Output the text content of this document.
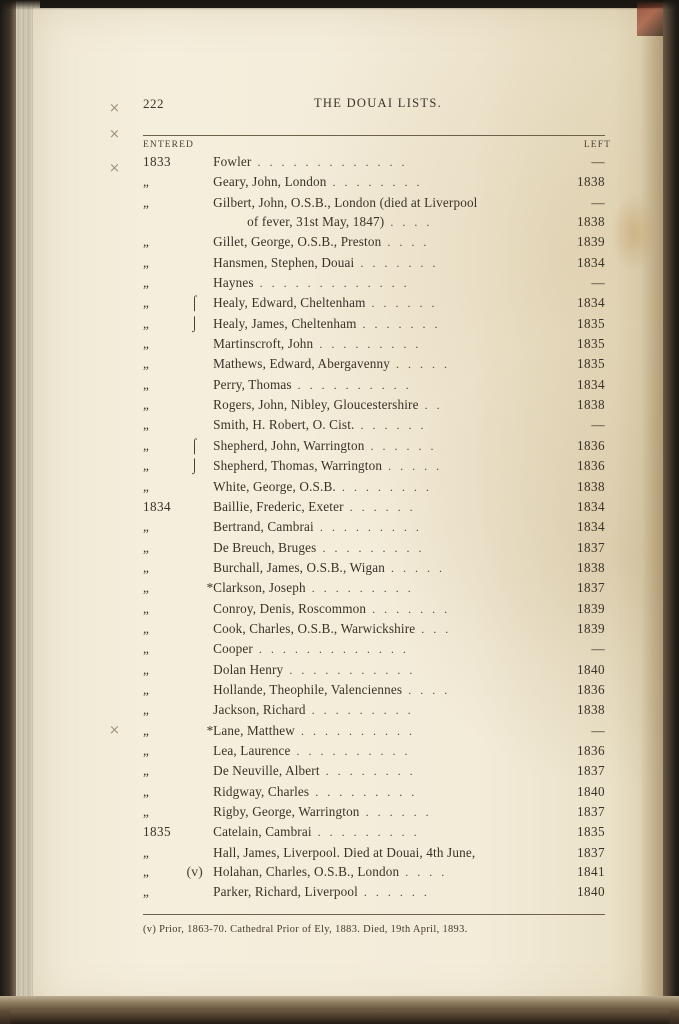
222	THE DOUAI LISTS.
ENTERED	LEFT
1833			Fowler . . . . . . . . . . . . .	—
„			Geary, John, London . . . . . . . .	1838
„			Gilbert, John, O.S.B., London (died at Liverpool	—
			of fever, 31st May, 1847) . . . .	1838
„			Gillet, George, O.S.B., Preston . . . .	1839
„			Hansmen, Stephen, Douai . . . . . . .	1834
„			Haynes . . . . . . . . . . . . .	—
„	⌠		Healy, Edward, Cheltenham . . . . . .	1834
„	⌡		Healy, James, Cheltenham . . . . . . .	1835
„			Martinscroft, John . . . . . . . . .	1835
„			Mathews, Edward, Abergavenny . . . . .	1835
„			Perry, Thomas . . . . . . . . . .	1834
„			Rogers, John, Nibley, Gloucestershire . .	1838
„			Smith, H. Robert, O. Cist. . . . . . .	—
„	⌠		Shepherd, John, Warrington . . . . . .	1836
„	⌡		Shepherd, Thomas, Warrington . . . . .	1836
„			White, George, O.S.B. . . . . . . . .	1838
1834			Baillie, Frederic, Exeter . . . . . .	1834
„			Bertrand, Cambrai . . . . . . . . .	1834
„			De Breuch, Bruges . . . . . . . . .	1837
„			Burchall, James, O.S.B., Wigan . . . . .	1838
„		*	Clarkson, Joseph . . . . . . . . .	1837
„			Conroy, Denis, Roscommon . . . . . . .	1839
„			Cook, Charles, O.S.B., Warwickshire . . .	1839
„			Cooper . . . . . . . . . . . . .	—
„			Dolan Henry . . . . . . . . . . .	1840
„			Hollande, Theophile, Valenciennes . . . .	1836
„			Jackson, Richard . . . . . . . . .	1838
„		*	Lane, Matthew . . . . . . . . . .	—
„			Lea, Laurence . . . . . . . . . .	1836
„			De Neuville, Albert . . . . . . . .	1837
„			Ridgway, Charles . . . . . . . . .	1840
„			Rigby, George, Warrington . . . . . .	1837
1835			Catelain, Cambrai . . . . . . . . .	1835
„			Hall, James, Liverpool. Died at Douai, 4th June,	1837
„	(v)		Holahan, Charles, O.S.B., London . . . .	1841
„			Parker, Richard, Liverpool . . . . . .	1840
(v) Prior, 1863-70. Cathedral Prior of Ely, 1883. Died, 19th April, 1893.
⨯
⨯
⨯
⨯
